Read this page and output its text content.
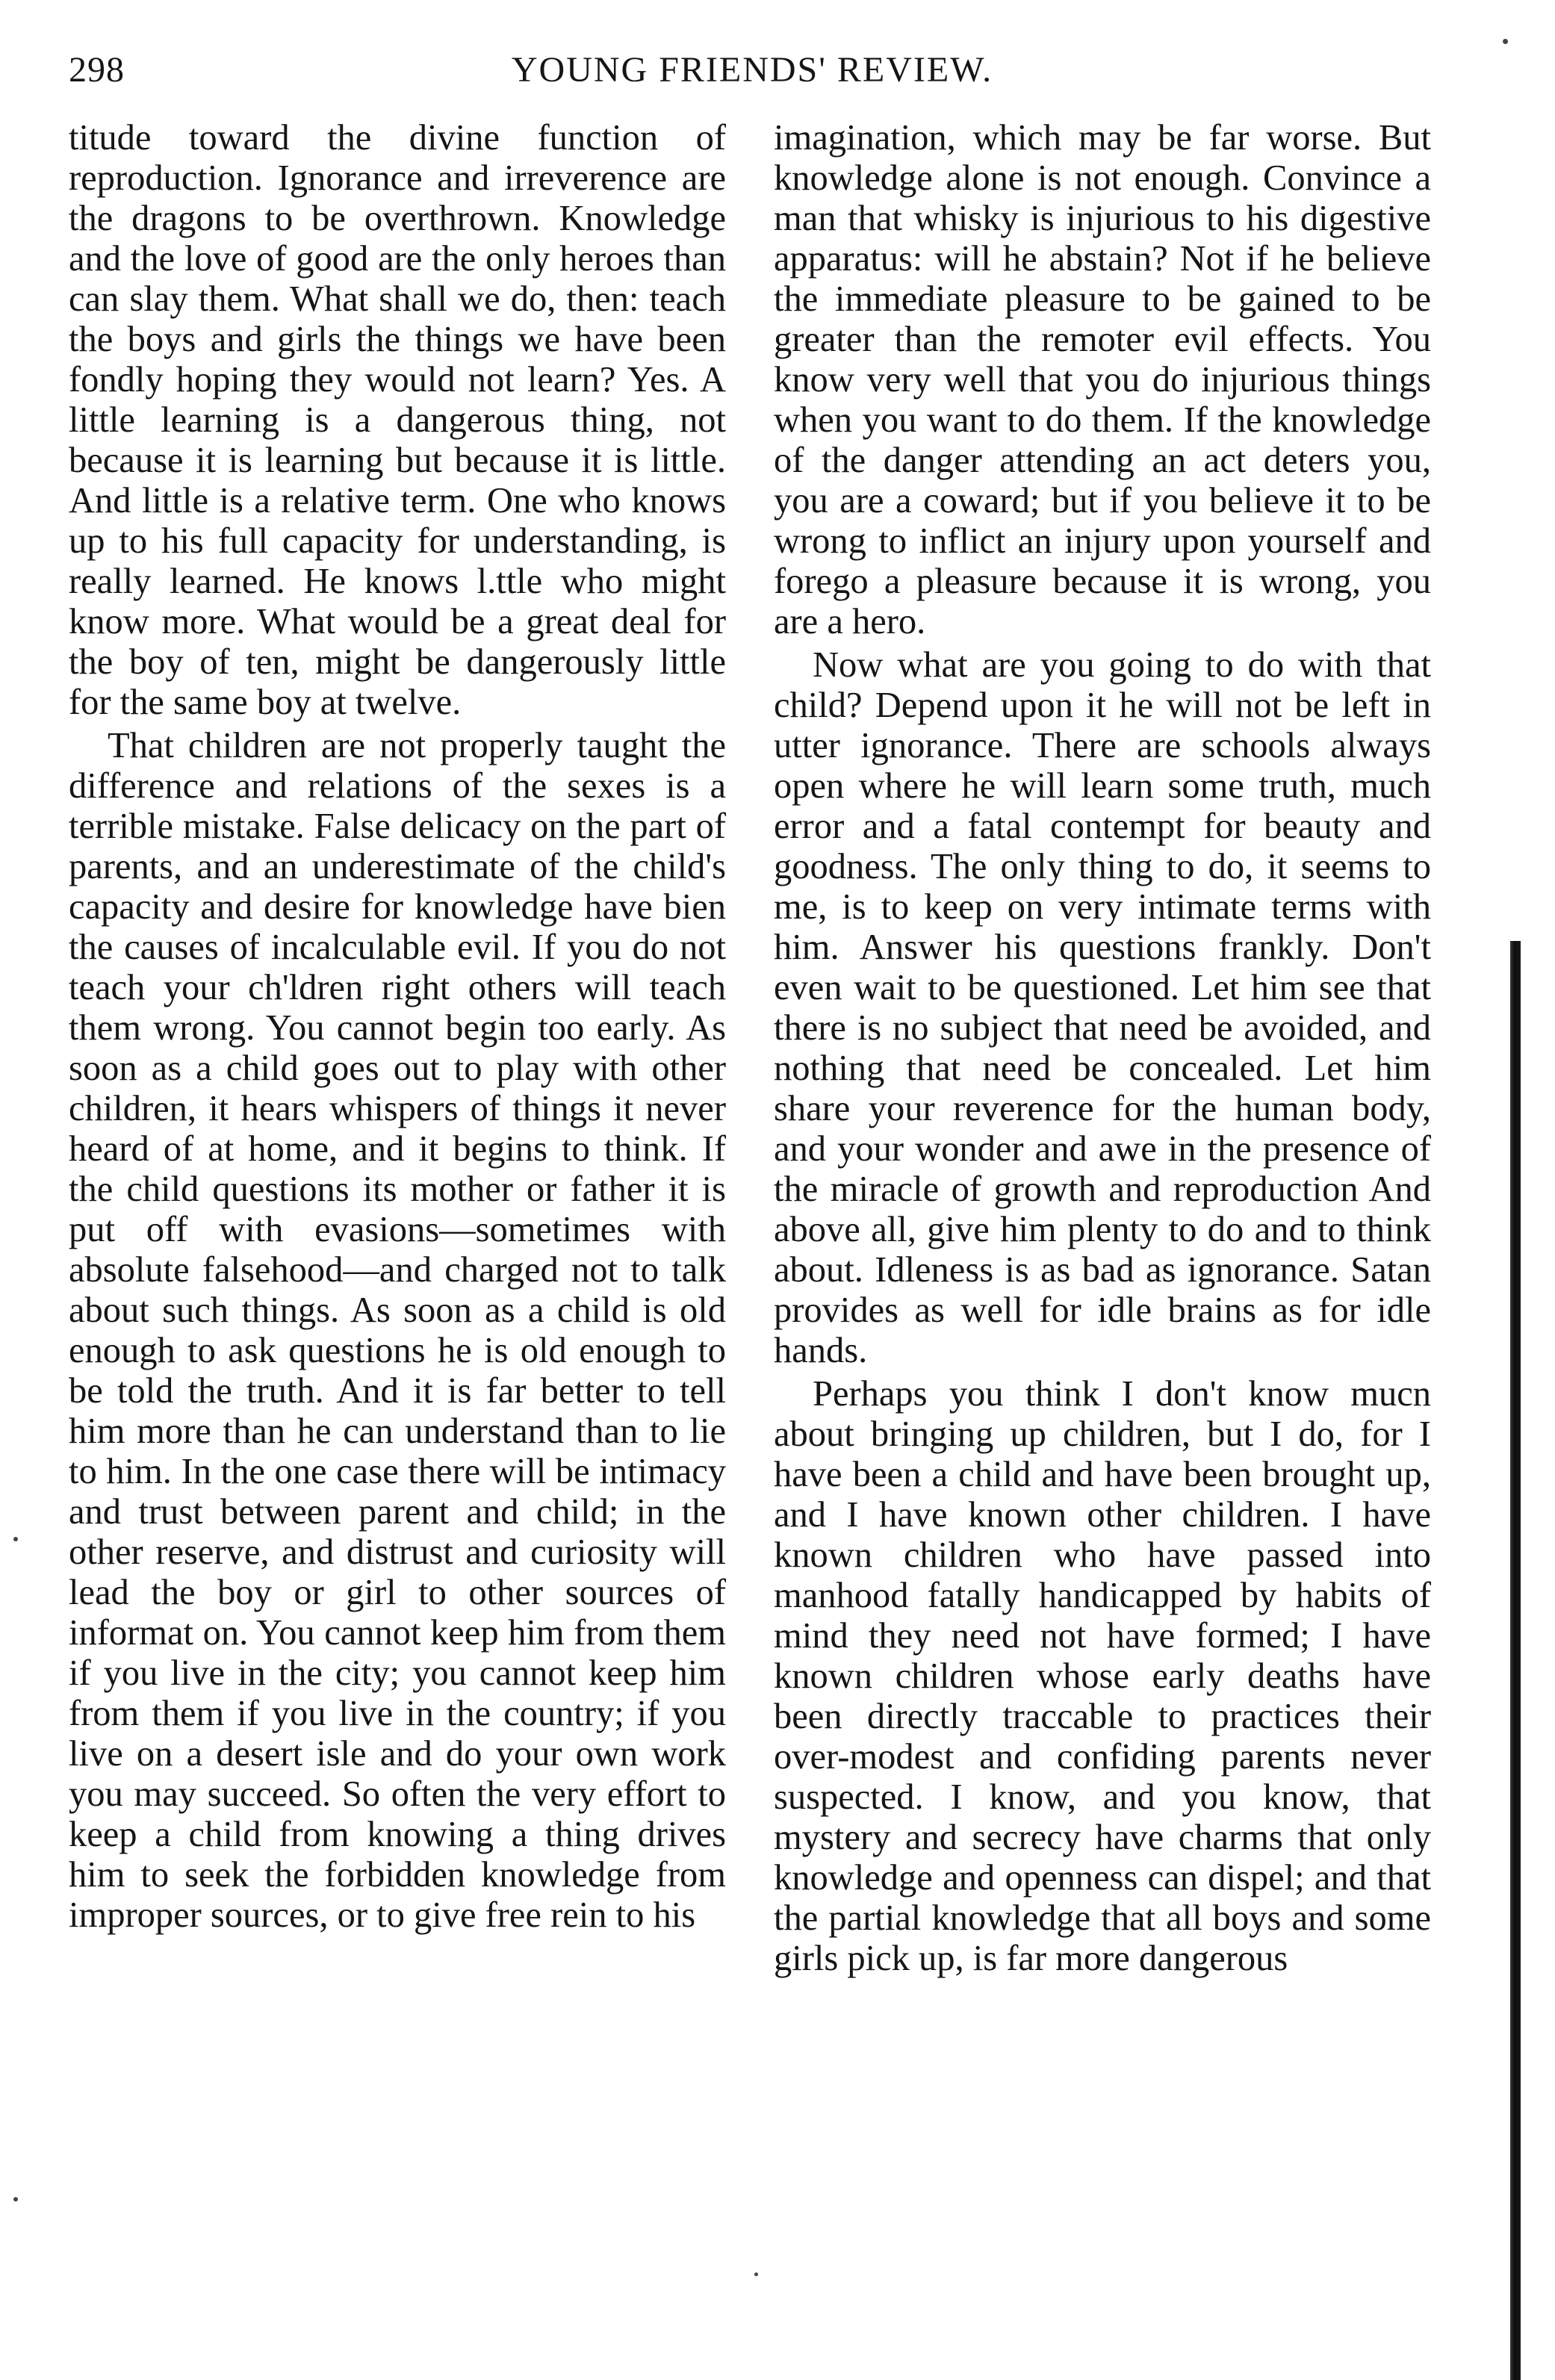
298	YOUNG FRIENDS' REVIEW.

titude toward the divine function of reproduction. Ignorance and irreverence are the dragons to be overthrown. Knowledge and the love of good are the only heroes than can slay them. What shall we do, then: teach the boys and girls the things we have been fondly hoping they would not learn? Yes. A little learning is a dangerous thing, not because it is learning but because it is little. And little is a relative term. One who knows up to his full capacity for understanding, is really learned. He knows l.ttle who might know more. What would be a great deal for the boy of ten, might be dangerously little for the same boy at twelve.

That children are not properly taught the difference and relations of the sexes is a terrible mistake. False delicacy on the part of parents, and an underestimate of the child's capacity and desire for knowledge have bien the causes of incalculable evil. If you do not teach your ch'ldren right others will teach them wrong. You cannot begin too early. As soon as a child goes out to play with other children, it hears whispers of things it never heard of at home, and it begins to think. If the child questions its mother or father it is put off with evasions—sometimes with absolute falsehood—and charged not to talk about such things. As soon as a child is old enough to ask questions he is old enough to be told the truth. And it is far better to tell him more than he can understand than to lie to him. In the one case there will be intimacy and trust between parent and child; in the other reserve, and distrust and curiosity will lead the boy or girl to other sources of informat on. You cannot keep him from them if you live in the city; you cannot keep him from them if you live in the country; if you live on a desert isle and do your own work you may succeed. So often the very effort to keep a child from knowing a thing drives him to seek the forbidden knowledge from improper sources, or to give free rein to his

imagination, which may be far worse. But knowledge alone is not enough. Convince a man that whisky is injurious to his digestive apparatus: will he abstain? Not if he believe the immediate pleasure to be gained to be greater than the remoter evil effects. You know very well that you do injurious things when you want to do them. If the knowledge of the danger attending an act deters you, you are a coward; but if you believe it to be wrong to inflict an injury upon yourself and forego a pleasure because it is wrong, you are a hero.

Now what are you going to do with that child? Depend upon it he will not be left in utter ignorance. There are schools always open where he will learn some truth, much error and a fatal contempt for beauty and goodness. The only thing to do, it seems to me, is to keep on very intimate terms with him. Answer his questions frankly. Don't even wait to be questioned. Let him see that there is no subject that need be avoided, and nothing that need be concealed. Let him share your reverence for the human body, and your wonder and awe in the presence of the miracle of growth and reproduction And above all, give him plenty to do and to think about. Idleness is as bad as ignorance. Satan provides as well for idle brains as for idle hands.

Perhaps you think I don't know mucn about bringing up children, but I do, for I have been a child and have been brought up, and I have known other children. I have known children who have passed into manhood fatally handicapped by habits of mind they need not have formed; I have known children whose early deaths have been directly traccable to practices their over-modest and confiding parents never suspected. I know, and you know, that mystery and secrecy have charms that only knowledge and openness can dispel; and that the partial knowledge that all boys and some girls pick up, is far more dangerous
